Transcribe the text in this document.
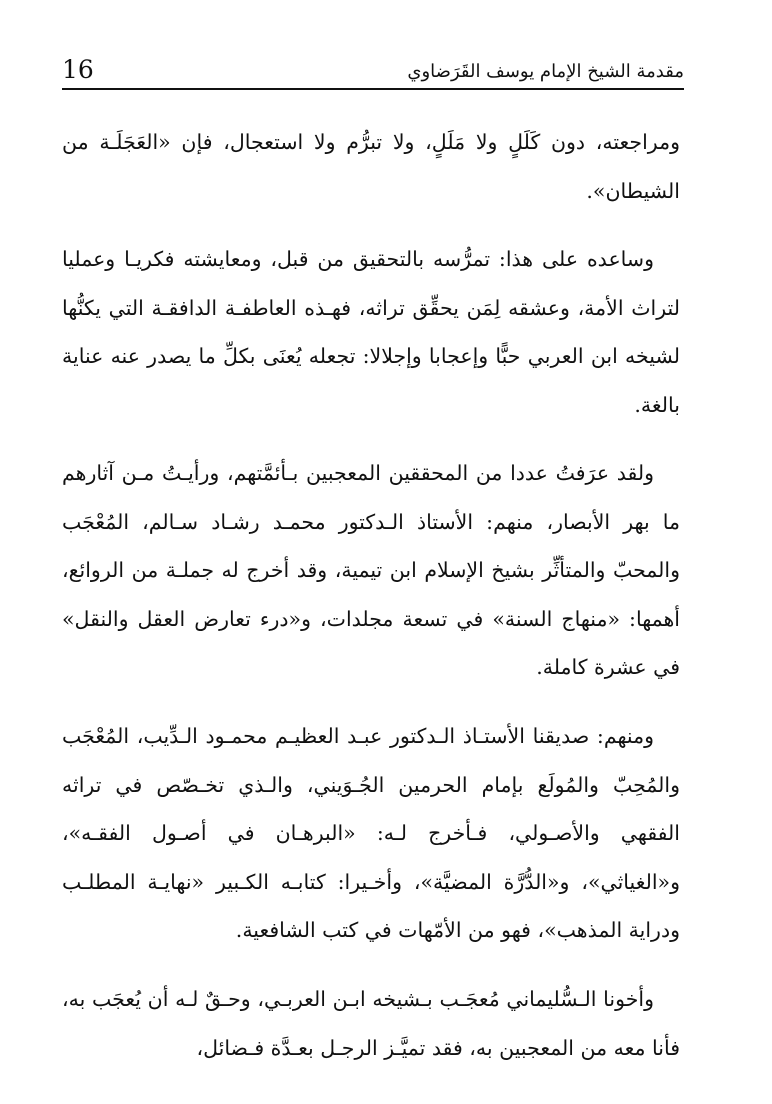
مقدمة الشيخ الإمام يوسف القَرَضاوي
16

ومراجعته، دون كَلَلٍ ولا مَلَلٍ، ولا تبرُّم ولا استعجال، فإن «العَجَلَـة من الشيطان».

وساعده على هذا: تمرُّسه بالتحقيق من قبل، ومعايشته فكريـا وعمليا لتراث الأمة، وعشقه لِمَن يحقِّق تراثه، فهـذه العاطفـة الدافقـة التي يكنُّها لشيخه ابن العربي حبًّا وإعجابا وإجلالا: تجعله يُعنَى بكلِّ ما يصدر عنه عناية بالغة.

ولقد عرَفتُ عددا من المحققين المعجبين بـأئمَّتهم، ورأيـتُ مـن آثارهم ما بهر الأبصار، منهم: الأستاذ الـدكتور محمـد رشـاد سـالم، المُعْجَب والمحبّ والمتأثِّر بشيخ الإسلام ابن تيمية، وقد أخرج له جملـة من الروائع، أهمها: «منهاج السنة» في تسعة مجلدات، و«درء تعارض العقل والنقل» في عشرة كاملة.

ومنهم: صديقنا الأستـاذ الـدكتور عبـد العظيـم محمـود الـدِّيب، المُعْجَب والمُحِبّ والمُولَع بإمام الحرمين الجُـوَيني، والـذي تخـصّص في تراثه الفقهي والأصـولي، فـأخرج لـه: «البرهـان في أصـول الفقـه»، و«الغياثي»، و«الدُّرَّة المضيَّة»، وأخـيرا: كتابـه الكـبير «نهايـة المطلـب ودراية المذهب»، فهو من الأمّهات في كتب الشافعية.

وأخونا الـسُّليماني مُعجَـب بـشيخه ابـن العربـي، وحـقٌ لـه أن يُعجَب به، فأنا معه من المعجبين به، فقد تميَّـز الرجـل بعـدَّة فـضائل،
